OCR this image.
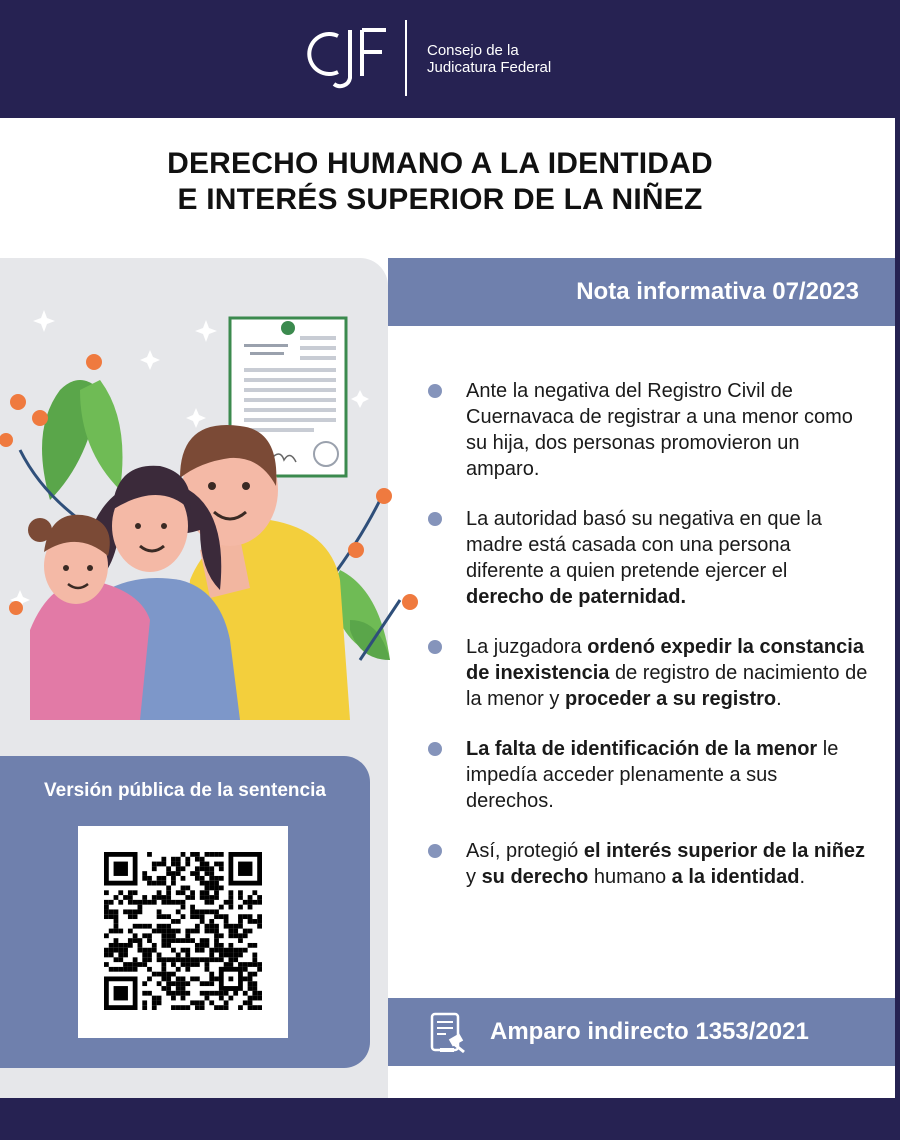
Consejo de la
Judicatura Federal
DERECHO HUMANO A LA IDENTIDAD
E INTERÉS SUPERIOR DE LA NIÑEZ
Nota informativa 07/2023
Ante la negativa del Registro Civil de Cuernavaca de registrar a una menor como su hija, dos personas promovieron un amparo.
La autoridad basó su negativa en que la madre está casada con una persona diferente a quien pretende ejercer el derecho de paternidad.
La juzgadora ordenó expedir la constancia de inexistencia de registro de nacimiento de la menor y proceder a su registro.
La falta de identificación de la menor le impedía acceder plenamente a sus derechos.
Así, protegió el interés superior de la niñez y su derecho humano a la identidad.
Versión pública de la sentencia
Amparo indirecto 1353/2021
